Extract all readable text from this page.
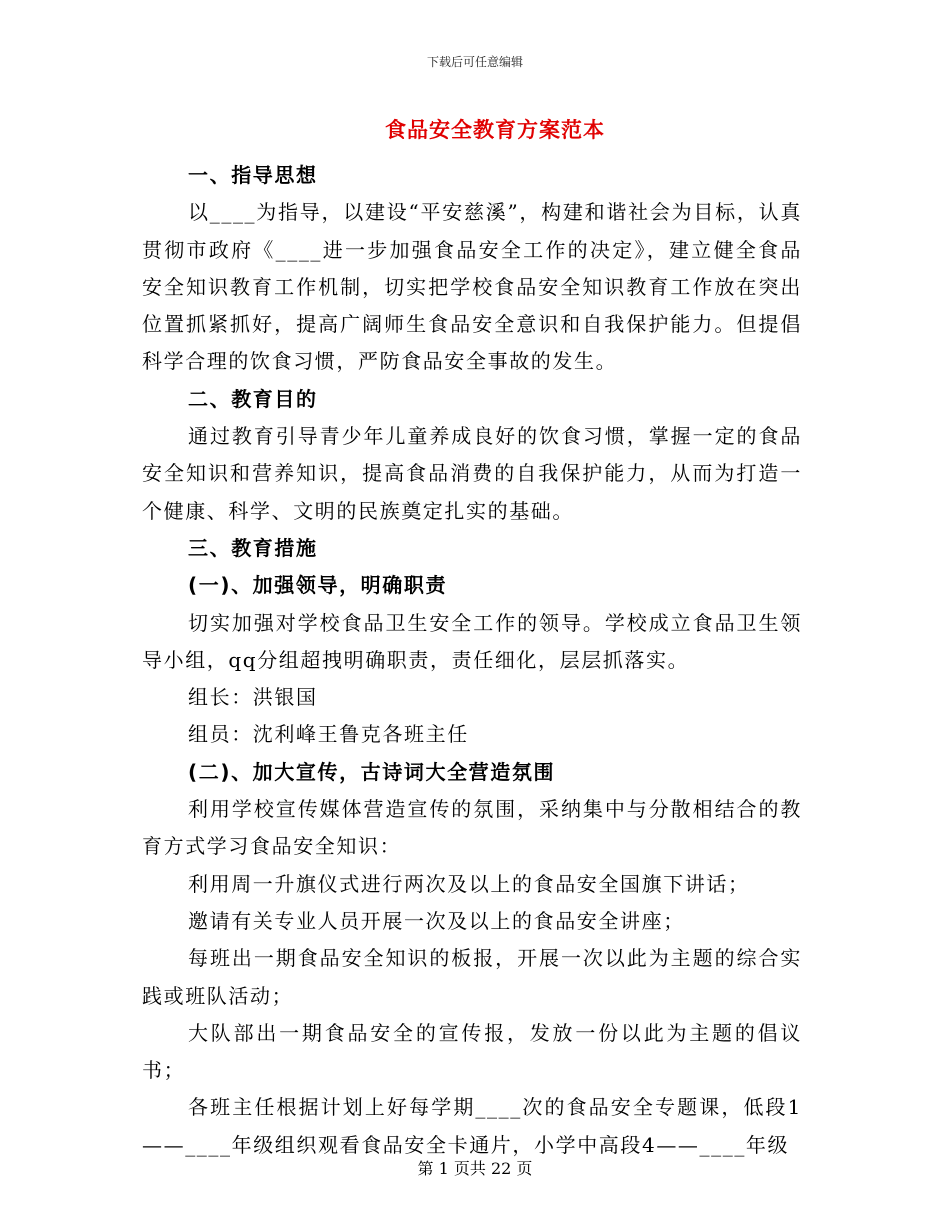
下载后可任意编辑
食品安全教育方案范本

一、指导思想

以____为指导，以建设“平安慈溪”，构建和谐社会为目标，认真贯彻市政府《____进一步加强食品安全工作的决定》，建立健全食品安全知识教育工作机制，切实把学校食品安全知识教育工作放在突出位置抓紧抓好，提高广阔师生食品安全意识和自我保护能力。但提倡科学合理的饮食习惯，严防食品安全事故的发生。

二、教育目的

通过教育引导青少年儿童养成良好的饮食习惯，掌握一定的食品安全知识和营养知识，提高食品消费的自我保护能力，从而为打造一个健康、科学、文明的民族奠定扎实的基础。

三、教育措施

(一)、加强领导，明确职责

切实加强对学校食品卫生安全工作的领导。学校成立食品卫生领导小组，qq分组超拽明确职责，责任细化，层层抓落实。

组长：洪银国

组员：沈利峰王鲁克各班主任

(二)、加大宣传，古诗词大全营造氛围

利用学校宣传媒体营造宣传的氛围，采纳集中与分散相结合的教育方式学习食品安全知识：

利用周一升旗仪式进行两次及以上的食品安全国旗下讲话；

邀请有关专业人员开展一次及以上的食品安全讲座；

每班出一期食品安全知识的板报，开展一次以此为主题的综合实践或班队活动；

大队部出一期食品安全的宣传报，发放一份以此为主题的倡议书；

各班主任根据计划上好每学期____次的食品安全专题课，低段1——____年级组织观看食品安全卡通片，小学中高段4——____年级

第 1 页共 22 页
